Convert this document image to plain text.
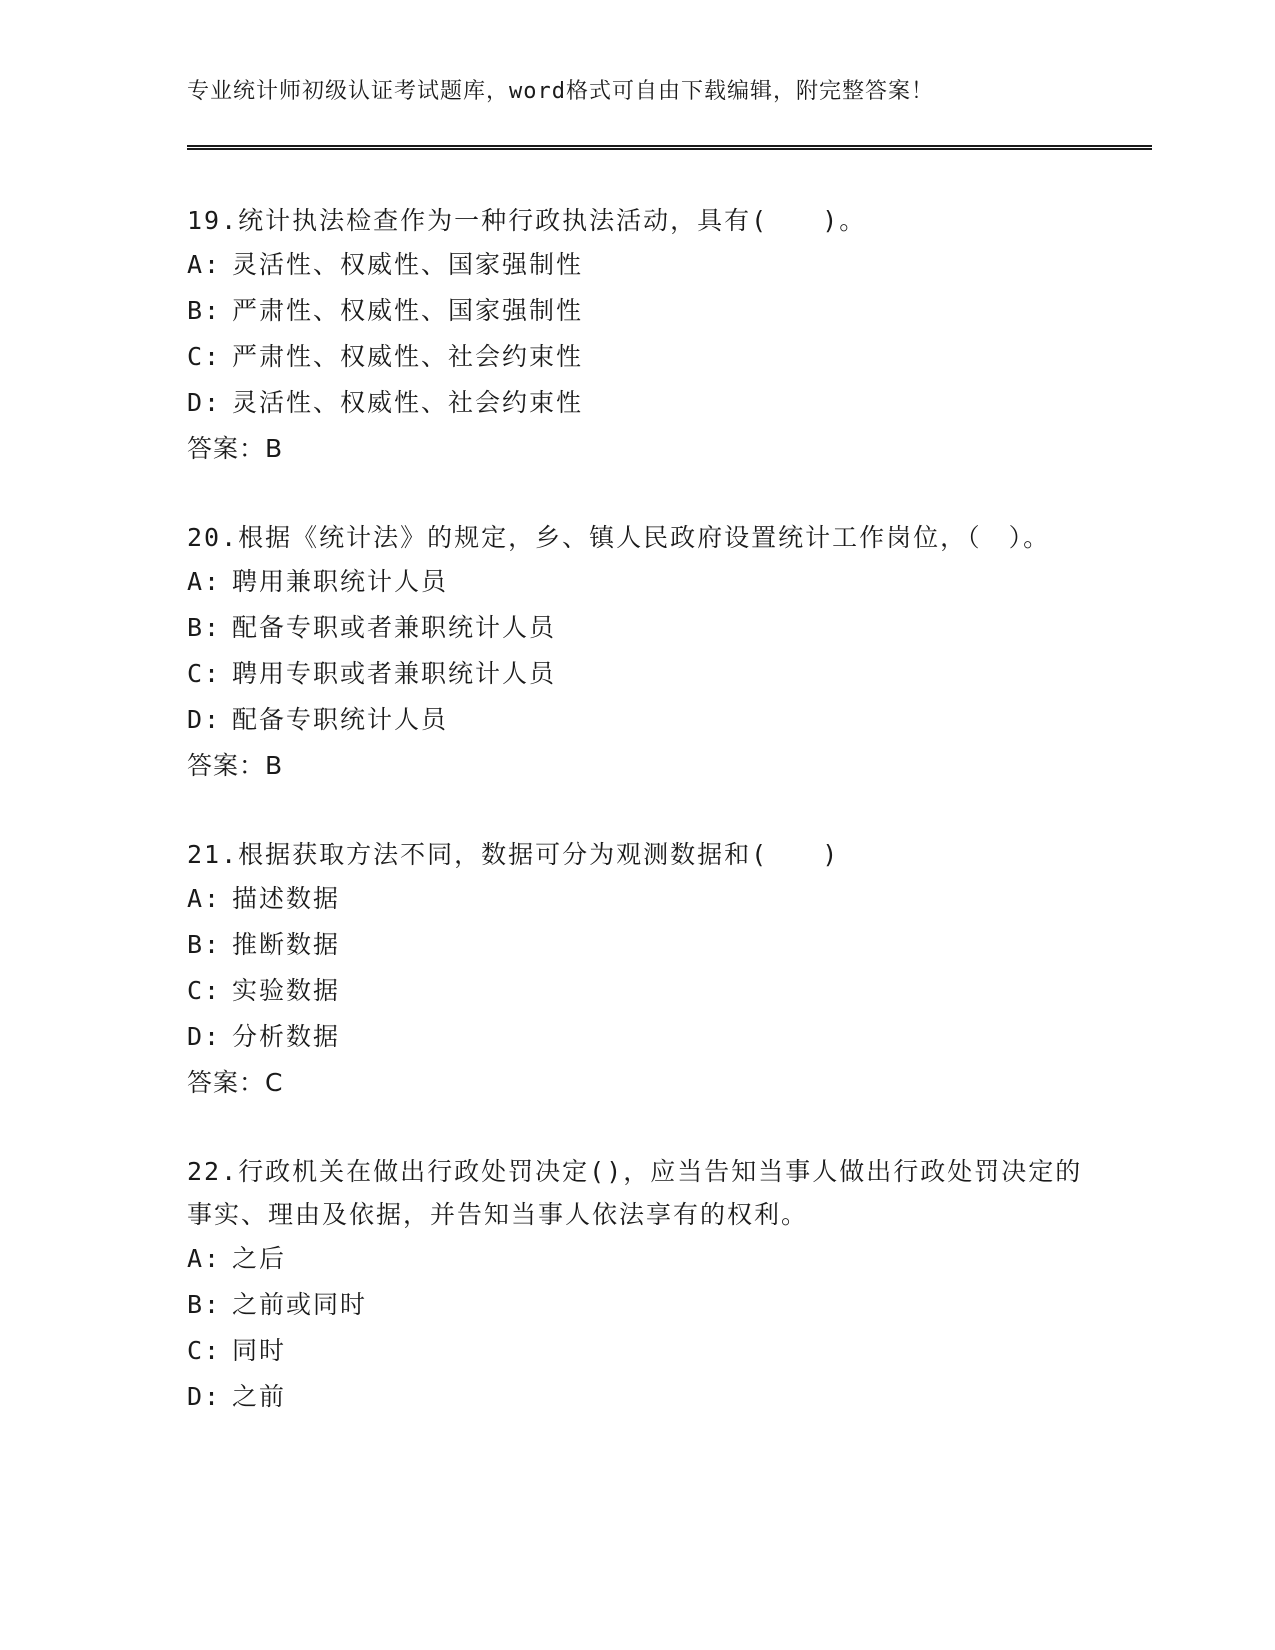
专业统计师初级认证考试题库，word格式可自由下载编辑，附完整答案！

19.统计执法检查作为一种行政执法活动，具有(　　)。

A: 灵活性、权威性、国家强制性
B: 严肃性、权威性、国家强制性
C: 严肃性、权威性、社会约束性
D: 灵活性、权威性、社会约束性
答案：B

20.根据《统计法》的规定，乡、镇人民政府设置统计工作岗位，（　）。

A: 聘用兼职统计人员
B: 配备专职或者兼职统计人员
C: 聘用专职或者兼职统计人员
D: 配备专职统计人员
答案：B

21.根据获取方法不同，数据可分为观测数据和(　　)

A: 描述数据
B: 推断数据
C: 实验数据
D: 分析数据
答案：C

22.行政机关在做出行政处罚决定()，应当告知当事人做出行政处罚决定的事实、理由及依据，并告知当事人依法享有的权利。

A: 之后
B: 之前或同时
C: 同时
D: 之前
